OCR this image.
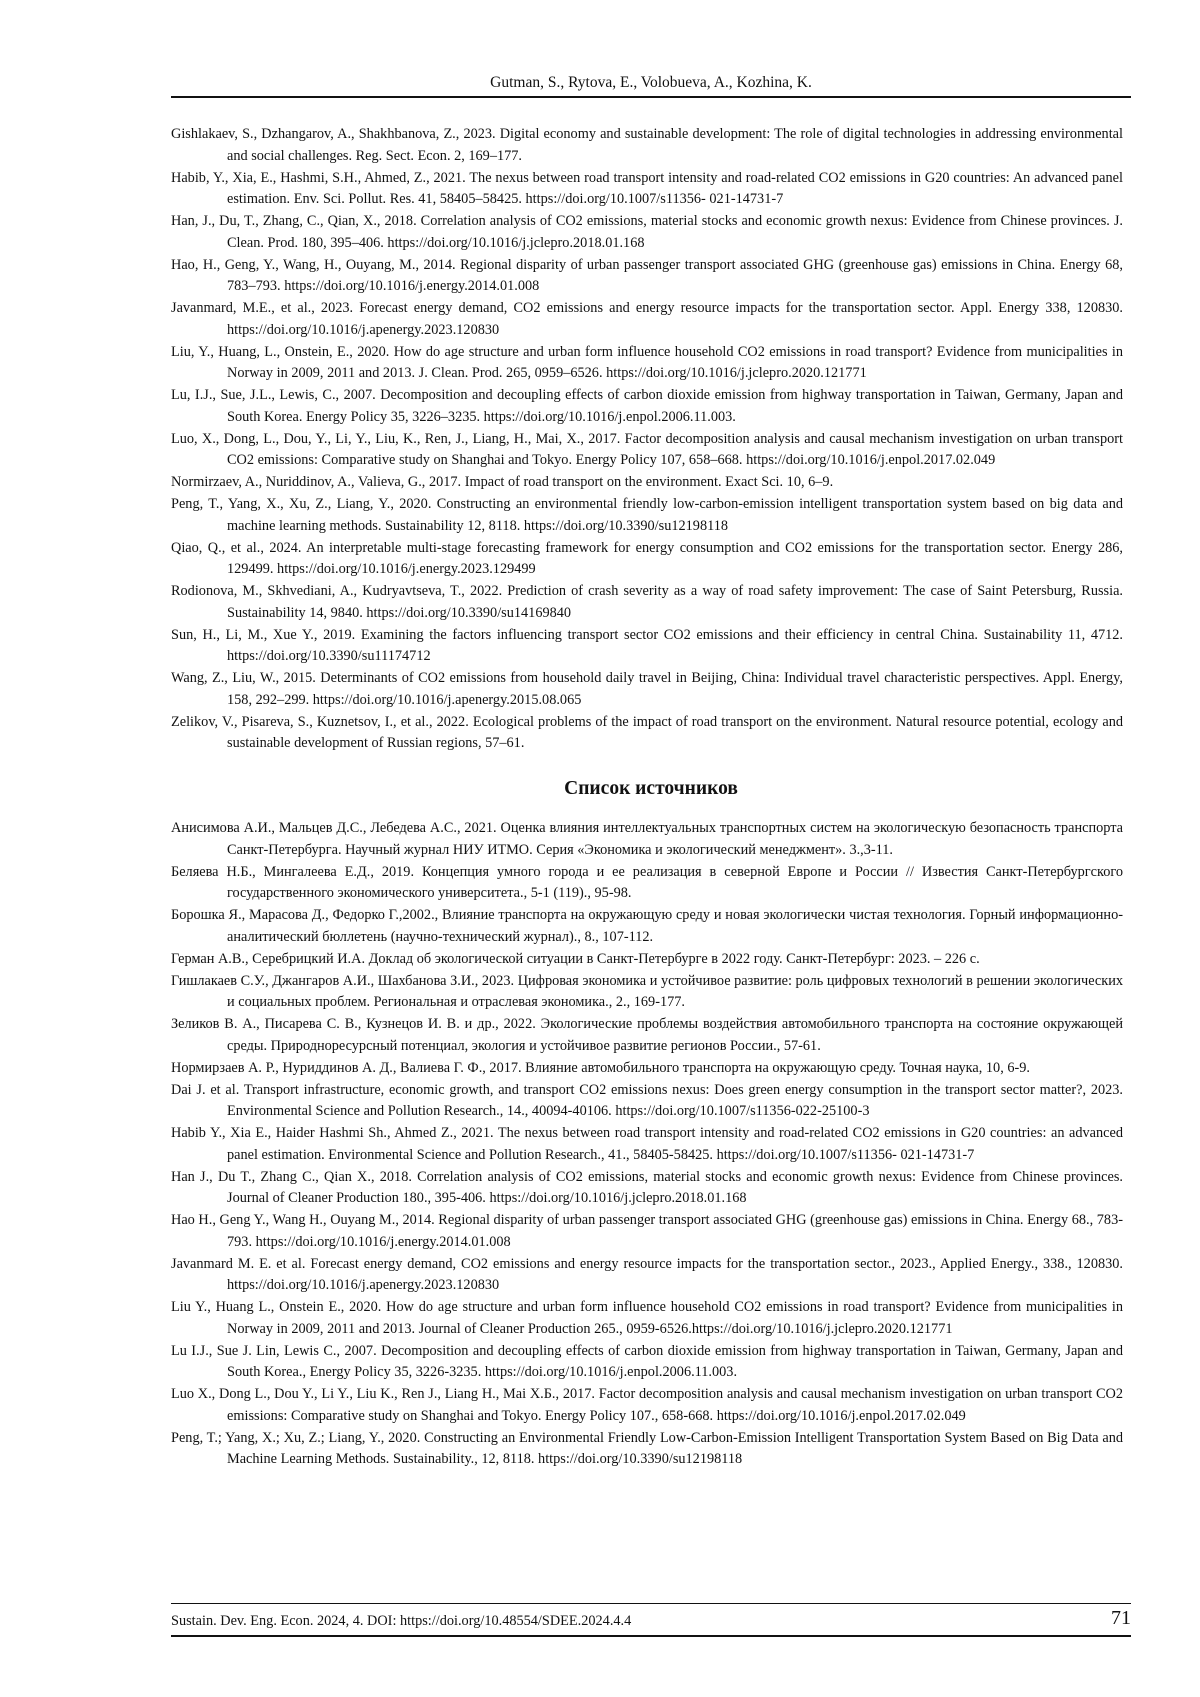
Gutman, S., Rytova, E., Volobueva, A., Kozhina, K.
Gishlakaev, S., Dzhangarov, A., Shakhbanova, Z., 2023. Digital economy and sustainable development: The role of digital technologies in addressing environmental and social challenges. Reg. Sect. Econ. 2, 169–177.
Habib, Y., Xia, E., Hashmi, S.H., Ahmed, Z., 2021. The nexus between road transport intensity and road-related CO2 emissions in G20 countries: An advanced panel estimation. Env. Sci. Pollut. Res. 41, 58405–58425. https://doi.org/10.1007/s11356- 021-14731-7
Han, J., Du, T., Zhang, C., Qian, X., 2018. Correlation analysis of CO2 emissions, material stocks and economic growth nexus: Evidence from Chinese provinces. J. Clean. Prod. 180, 395–406. https://doi.org/10.1016/j.jclepro.2018.01.168
Hao, H., Geng, Y., Wang, H., Ouyang, M., 2014. Regional disparity of urban passenger transport associated GHG (greenhouse gas) emissions in China. Energy 68, 783–793. https://doi.org/10.1016/j.energy.2014.01.008
Javanmard, M.E., et al., 2023. Forecast energy demand, CO2 emissions and energy resource impacts for the transportation sector. Appl. Energy 338, 120830. https://doi.org/10.1016/j.apenergy.2023.120830
Liu, Y., Huang, L., Onstein, E., 2020. How do age structure and urban form influence household CO2 emissions in road transport? Evidence from municipalities in Norway in 2009, 2011 and 2013. J. Clean. Prod. 265, 0959–6526. https://doi.org/10.1016/j.jclepro.2020.121771
Lu, I.J., Sue, J.L., Lewis, C., 2007. Decomposition and decoupling effects of carbon dioxide emission from highway transportation in Taiwan, Germany, Japan and South Korea. Energy Policy 35, 3226–3235. https://doi.org/10.1016/j.enpol.2006.11.003.
Luo, X., Dong, L., Dou, Y., Li, Y., Liu, K., Ren, J., Liang, H., Mai, X., 2017. Factor decomposition analysis and causal mechanism investigation on urban transport CO2 emissions: Comparative study on Shanghai and Tokyo. Energy Policy 107, 658–668. https://doi.org/10.1016/j.enpol.2017.02.049
Normirzaev, A., Nuriddinov, A., Valieva, G., 2017. Impact of road transport on the environment. Exact Sci. 10, 6–9.
Peng, T., Yang, X., Xu, Z., Liang, Y., 2020. Constructing an environmental friendly low-carbon-emission intelligent transportation system based on big data and machine learning methods. Sustainability 12, 8118. https://doi.org/10.3390/su12198118
Qiao, Q., et al., 2024. An interpretable multi-stage forecasting framework for energy consumption and CO2 emissions for the transportation sector. Energy 286, 129499. https://doi.org/10.1016/j.energy.2023.129499
Rodionova, M., Skhvediani, A., Kudryavtseva, T., 2022. Prediction of crash severity as a way of road safety improvement: The case of Saint Petersburg, Russia. Sustainability 14, 9840. https://doi.org/10.3390/su14169840
Sun, H., Li, M., Xue Y., 2019. Examining the factors influencing transport sector CO2 emissions and their efficiency in central China. Sustainability 11, 4712. https://doi.org/10.3390/su11174712
Wang, Z., Liu, W., 2015. Determinants of CO2 emissions from household daily travel in Beijing, China: Individual travel characteristic perspectives. Appl. Energy, 158, 292–299. https://doi.org/10.1016/j.apenergy.2015.08.065
Zelikov, V., Pisareva, S., Kuznetsov, I., et al., 2022. Ecological problems of the impact of road transport on the environment. Natural resource potential, ecology and sustainable development of Russian regions, 57–61.
Список источников
Анисимова А.И., Мальцев Д.С., Лебедева А.С., 2021. Оценка влияния интеллектуальных транспортных систем на экологическую безопасность транспорта Санкт-Петербурга. Научный журнал НИУ ИТМО. Серия «Экономика и экологический менеджмент». 3.,3-11.
Беляева Н.Б., Мингалеева Е.Д., 2019. Концепция умного города и ее реализация в северной Европе и России // Известия Санкт-Петербургского государственного экономического университета., 5-1 (119)., 95-98.
Борошка Я., Марасова Д., Федорко Г.,2002., Влияние транспорта на окружающую среду и новая экологически чистая технология. Горный информационно-аналитический бюллетень (научно-технический журнал)., 8., 107-112.
Герман А.В., Серебрицкий И.А. Доклад об экологической ситуации в Санкт-Петербурге в 2022 году. Санкт-Петербург: 2023. – 226 с.
Гишлакаев С.У., Джангаров А.И., Шахбанова З.И., 2023. Цифровая экономика и устойчивое развитие: роль цифровых технологий в решении экологических и социальных проблем. Региональная и отраслевая экономика., 2., 169-177.
Зеликов В. А., Писарева С. В., Кузнецов И. В. и др., 2022. Экологические проблемы воздействия автомобильного транспорта на состояние окружающей среды. Природноресурсный потенциал, экология и устойчивое развитие регионов России., 57-61.
Нормирзаев А. Р., Нуриддинов А. Д., Валиева Г. Ф., 2017. Влияние автомобильного транспорта на окружающую среду. Точная наука, 10, 6-9.
Dai J. et al. Transport infrastructure, economic growth, and transport CO2 emissions nexus: Does green energy consumption in the transport sector matter?, 2023. Environmental Science and Pollution Research., 14., 40094-40106. https://doi.org/10.1007/s11356-022-25100-3
Habib Y., Xia E., Haider Hashmi Sh., Ahmed Z., 2021. The nexus between road transport intensity and road-related CO2 emissions in G20 countries: an advanced panel estimation. Environmental Science and Pollution Research., 41., 58405-58425. https://doi.org/10.1007/s11356- 021-14731-7
Han J., Du T., Zhang C., Qian X., 2018. Correlation analysis of CO2 emissions, material stocks and economic growth nexus: Evidence from Chinese provinces. Journal of Cleaner Production 180., 395-406. https://doi.org/10.1016/j.jclepro.2018.01.168
Hao H., Geng Y., Wang H., Ouyang M., 2014. Regional disparity of urban passenger transport associated GHG (greenhouse gas) emissions in China. Energy 68., 783-793. https://doi.org/10.1016/j.energy.2014.01.008
Javanmard M. E. et al. Forecast energy demand, CO2 emissions and energy resource impacts for the transportation sector., 2023., Applied Energy., 338., 120830. https://doi.org/10.1016/j.apenergy.2023.120830
Liu Y., Huang L., Onstein E., 2020. How do age structure and urban form influence household CO2 emissions in road transport? Evidence from municipalities in Norway in 2009, 2011 and 2013. Journal of Cleaner Production 265., 0959-6526.https://doi.org/10.1016/j.jclepro.2020.121771
Lu I.J., Sue J. Lin, Lewis C., 2007. Decomposition and decoupling effects of carbon dioxide emission from highway transportation in Taiwan, Germany, Japan and South Korea., Energy Policy 35, 3226-3235. https://doi.org/10.1016/j.enpol.2006.11.003.
Luo X., Dong L., Dou Y., Li Y., Liu K., Ren J., Liang H., Mai X.Б., 2017. Factor decomposition analysis and causal mechanism investigation on urban transport CO2 emissions: Comparative study on Shanghai and Tokyo. Energy Policy 107., 658-668. https://doi.org/10.1016/j.enpol.2017.02.049
Peng, T.; Yang, X.; Xu, Z.; Liang, Y., 2020. Constructing an Environmental Friendly Low-Carbon-Emission Intelligent Transportation System Based on Big Data and Machine Learning Methods. Sustainability., 12, 8118. https://doi.org/10.3390/su12198118
Sustain. Dev. Eng. Econ. 2024, 4. DOI: https://doi.org/10.48554/SDEE.2024.4.4	71
